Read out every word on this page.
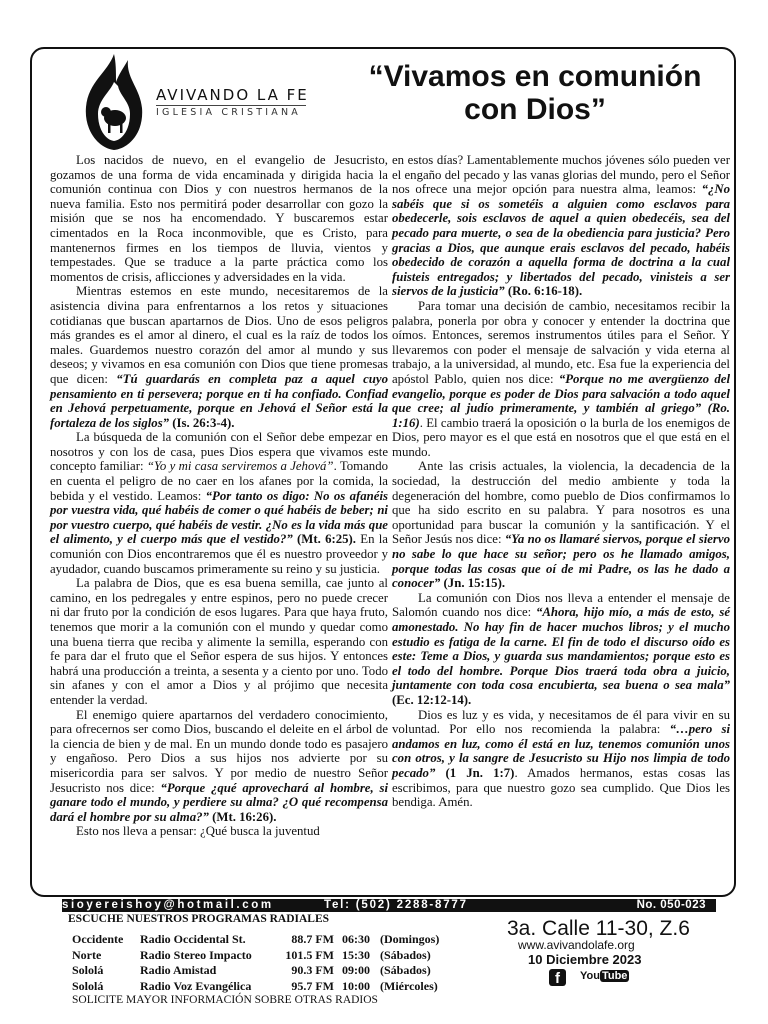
AVIVANDO LA FE
IGLESIA CRISTIANA
“Vivamos en comunión con Dios”

Los nacidos de nuevo, en el evangelio de Jesucristo, gozamos de una forma de vida encaminada y dirigida hacia la comunión continua con Dios y con nuestros hermanos de la nueva familia. Esto nos permitirá poder desarrollar con gozo la misión que se nos ha encomendado. Y buscaremos estar cimentados en la Roca inconmovible, que es Cristo, para mantenernos firmes en los tiempos de lluvia, vientos y tempestades. Que se traduce a la parte práctica como los momentos de crisis, aflicciones y adversidades en la vida.

Mientras estemos en este mundo, necesitaremos de la asistencia divina para enfrentarnos a los retos y situaciones cotidianas que buscan apartarnos de Dios. Uno de esos peligros más grandes es el amor al dinero, el cual es la raíz de todos los males. Guardemos nuestro corazón del amor al mundo y sus deseos; y vivamos en esa comunión con Dios que tiene promesas que dicen: “Tú guardarás en completa paz a aquel cuyo pensamiento en ti persevera; porque en ti ha confiado. Confiad en Jehová perpetuamente, porque en Jehová el Señor está la fortaleza de los siglos” (Is. 26:3-4).

La búsqueda de la comunión con el Señor debe empezar en nosotros y con los de casa, pues Dios espera que vivamos este concepto familiar: “Yo y mi casa serviremos a Jehová”. Tomando en cuenta el peligro de no caer en los afanes por la comida, la bebida y el vestido. Leamos: “Por tanto os digo: No os afanéis por vuestra vida, qué habéis de comer o qué habéis de beber; ni por vuestro cuerpo, qué habéis de vestir. ¿No es la vida más que el alimento, y el cuerpo más que el vestido?” (Mt. 6:25). En la comunión con Dios encontraremos que él es nuestro proveedor y ayudador, cuando buscamos primeramente su reino y su justicia.

La palabra de Dios, que es esa buena semilla, cae junto al camino, en los pedregales y entre espinos, pero no puede crecer ni dar fruto por la condición de esos lugares. Para que haya fruto, tenemos que morir a la comunión con el mundo y quedar como una buena tierra que reciba y alimente la semilla, esperando con fe para dar el fruto que el Señor espera de sus hijos. Y entonces habrá una producción a treinta, a sesenta y a ciento por uno. Todo sin afanes y con el amor a Dios y al prójimo que necesita entender la verdad.

El enemigo quiere apartarnos del verdadero conocimiento, para ofrecernos ser como Dios, buscando el deleite en el árbol de la ciencia de bien y de mal. En un mundo donde todo es pasajero y engañoso. Pero Dios a sus hijos nos advierte por su misericordia para ser salvos. Y por medio de nuestro Señor Jesucristo nos dice: “Porque ¿qué aprovechará al hombre, si ganare todo el mundo, y perdiere su alma? ¿O qué recompensa dará el hombre por su alma?” (Mt. 16:26).

Esto nos lleva a pensar: ¿Qué busca la juventud

en estos días? Lamentablemente muchos jóvenes sólo pueden ver el engaño del pecado y las vanas glorias del mundo, pero el Señor nos ofrece una mejor opción para nuestra alma, leamos: “¿No sabéis que si os sometéis a alguien como esclavos para obedecerle, sois esclavos de aquel a quien obedecéis, sea del pecado para muerte, o sea de la obediencia para justicia? Pero gracias a Dios, que aunque erais esclavos del pecado, habéis obedecido de corazón a aquella forma de doctrina a la cual fuisteis entregados; y libertados del pecado, vinisteis a ser siervos de la justicia” (Ro. 6:16-18).

Para tomar una decisión de cambio, necesitamos recibir la palabra, ponerla por obra y conocer y entender la doctrina que oímos. Entonces, seremos instrumentos útiles para el Señor. Y llevaremos con poder el mensaje de salvación y vida eterna al trabajo, a la universidad, al mundo, etc. Esa fue la experiencia del apóstol Pablo, quien nos dice: “Porque no me avergüenzo del evangelio, porque es poder de Dios para salvación a todo aquel que cree; al judío primeramente, y también al griego” (Ro. 1:16). El cambio traerá la oposición o la burla de los enemigos de Dios, pero mayor es el que está en nosotros que el que está en el mundo.

Ante las crisis actuales, la violencia, la decadencia de la sociedad, la destrucción del medio ambiente y toda la degeneración del hombre, como pueblo de Dios confirmamos lo que ha sido escrito en su palabra. Y para nosotros es una oportunidad para buscar la comunión y la santificación. Y el Señor Jesús nos dice: “Ya no os llamaré siervos, porque el siervo no sabe lo que hace su señor; pero os he llamado amigos, porque todas las cosas que oí de mi Padre, os las he dado a conocer” (Jn. 15:15).

La comunión con Dios nos lleva a entender el mensaje de Salomón cuando nos dice: “Ahora, hijo mío, a más de esto, sé amonestado. No hay fin de hacer muchos libros; y el mucho estudio es fatiga de la carne. El fin de todo el discurso oído es este: Teme a Dios, y guarda sus mandamientos; porque esto es el todo del hombre. Porque Dios traerá toda obra a juicio, juntamente con toda cosa encubierta, sea buena o sea mala” (Ec. 12:12-14).

Dios es luz y es vida, y necesitamos de él para vivir en su voluntad. Por ello nos recomienda la palabra: “…pero si andamos en luz, como él está en luz, tenemos comunión unos con otros, y la sangre de Jesucristo su Hijo nos limpia de todo pecado” (1 Jn. 1:7). Amados hermanos, estas cosas las escribimos, para que nuestro gozo sea cumplido. Que Dios les bendiga. Amén.

sioyereishoy@hotmail.com	Tel: (502) 2288-8777	No. 050-023
ESCUCHE NUESTROS PROGRAMAS RADIALES
Occidente	Radio Occidental St.	88.7 FM	06:30	(Domingos)
Norte	Radio Stereo Impacto	101.5 FM	15:30	(Sábados)
Sololá	Radio Amistad	90.3 FM	09:00	(Sábados)
Sololá	Radio Voz Evangélica	95.7 FM	10:00	(Miércoles)
SOLICITE MAYOR INFORMACIÓN SOBRE OTRAS RADIOS
3a. Calle 11-30, Z.6
www.avivandolafe.org
10 Diciembre 2023
f	You Tube
